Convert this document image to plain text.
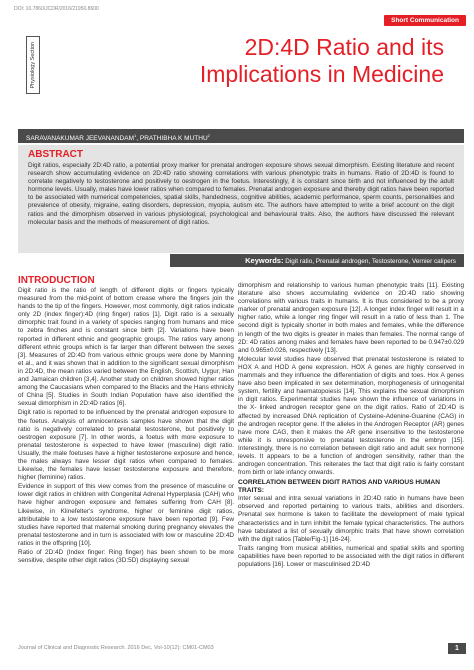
DOI: 10.7860/JCDR/2016/21950.8600
Short Communication
Physiology Section	2D:4D Ratio and its
Implications in Medicine
SARAVANAKUMAR JEEVANANDAM$^1$, PRATHIBHA K MUTHU$^2$
ABSTRACT

Digit ratios, especially 2D:4D ratio, a potential proxy marker for prenatal androgen exposure shows sexual dimorphism. Existing literature and recent research show accumulating evidence on 2D:4D ratio showing correlations with various phenotypic traits in humans. Ratio of 2D:4D is found to correlate negatively to testosterone and positively to oestrogen in the foetus. Interestingly, it is constant since birth and not influenced by the adult hormone levels. Usually, males have lower ratios when compared to females. Prenatal androgen exposure and thereby digit ratios have been reported to be associated with numerical competencies, spatial skills, handedness, cognitive abilities, academic performance, sperm counts, personalities and prevalence of obesity, migraine, eating disorders, depression, myopia, autism etc. The authors have attempted to write a brief account on the digit ratios and the dimorphism observed in various physiological, psychological and behavioural traits. Also, the authors have discussed the relevant molecular basis and the methods of measurement of digit ratios.

Keywords: Digit ratio, Prenatal androgen, Testosterone, Vernier calipers
INTRODUCTION

Digit ratio is the ratio of length of different digits or fingers typically measured from the mid-point of bottom crease where the fingers join the hands to the tip of the fingers. However, most commonly, digit ratios indicate only 2D (index finger):4D (ring finger) ratios [1]. Digit ratio is a sexually dimorphic trait found in a variety of species ranging from humans and mice to zebra finches and is constant since birth [2]. Variations have been reported in different ethnic and geographic groups. The ratios vary among different ethnic groups which is far larger than different between the sexes [3]. Measures of 2D:4D from various ethnic groups were done by Manning et al., and it was shown that in addition to the significant sexual dimorphism in 2D:4D, the mean ratios varied between the English, Scottish, Uygur, Han and Jamaican children [3,4]. Another study on children showed higher ratios among the Caucasians when compared to the Blacks and the Hans ethnicity of China [5]. Studies in South Indian Population have also identified the sexual dimorphism in 2D:4D ratios [6].

Digit ratio is reported to be influenced by the prenatal androgen exposure to the foetus. Analysis of amniocentesis samples have shown that the digit ratio is negatively correlated to prenatal testosterone, but positively to oestrogen exposure [7]. In other words, a foetus with more exposure to prenatal testosterone is expected to have lower (masculine) digit ratio. Usually, the male foetuses have a higher testosterone exposure and hence, the males always have lesser digit ratios when compared to females. Likewise, the females have lesser testosterone exposure and therefore, higher (feminine) ratios.

Evidence in support of this view comes from the presence of masculine or lower digit ratios in children with Congenital Adrenal Hyperplasia (CAH) who have higher androgen exposure and females suffering from CAH [8]. Likewise, in Klinefelter's syndrome, higher or feminine digit ratios, attributable to a low testosterone exposure have been reported [9]. Few studies have reported that maternal smoking during pregnancy elevates the prenatal testosterone and in turn is associated with low or masculine 2D:4D ratios in the offspring [10].

Ratio of 2D:4D (Index finger: Ring finger) has been shown to be more sensitive, despite other digit ratios (3D:5D) displaying sexual

dimorphism and relationship to various human phenotypic traits [11]. Existing literature also shows accumulating evidence on 2D:4D ratio showing correlations with various traits in humans. It is thus considered to be a proxy marker of prenatal androgen exposure [12]. A longer index finger will result in a higher ratio, while a longer ring finger will result in a ratio of less than 1. The second digit is typically shorter in both males and females, while the difference in length of the two digits is greater in males than females. The normal range of 2D: 4D ratios among males and females have been reported to be 0.947±0.029 and 0.965±0.026, respectively [13].

Molecular level studies have observed that prenatal testosterone is related to HOX A and HOD A gene expression. HOX A genes are highly conserved in mammals and they influence the differentiation of digits and toes. Hox A genes have also been implicated in sex determination, morphogenesis of urinogenital system, fertility and haematopoiesis [14]. This explains the sexual dimorphism in digit ratios. Experimental studies have shown the influence of variations in the X- linked androgen receptor gene on the digit ratios. Ratio of 2D:4D is affected by increased DNA replication of Cysteine-Adenine-Guanine (CAG) in the androgen receptor gene. If the alleles in the Androgen Receptor (AR) genes have more CAG, then it makes the AR gene insensitive to the testosterone while it is unresponsive to prenatal testosterone in the embryo [15]. Interestingly, there is no correlation between digit ratio and adult sex hormone levels. It appears to be a function of androgen sensitivity, rather than the androgen concentration. This reiterates the fact that digit ratio is fairly constant from birth or late infancy onwards.

CORRELATION BETWEEN DIGIT RATIOS AND VARIOUS HUMAN TRAITS:

Inter sexual and intra sexual variations in 2D:4D ratio in humans have been observed and reported pertaining to various traits, abilities and disorders. Prenatal sex hormone is taken to facilitate the development of male typical characteristics and in turn inhibit the female typical characteristics. The authors have tabulated a list of sexually dimorphic traits that have shown correlation with the digit ratios [Table/Fig-1] [16-24].

Traits ranging from musical abilities, numerical and spatial skills and sporting capabilities have been reported to be associated with the digit ratios in different populations [16]. Lower or masculinised 2D:4D

Journal of Clinical and Diagnostic Research. 2016 Dec, Vol-10(12): CM01-CM03	1
